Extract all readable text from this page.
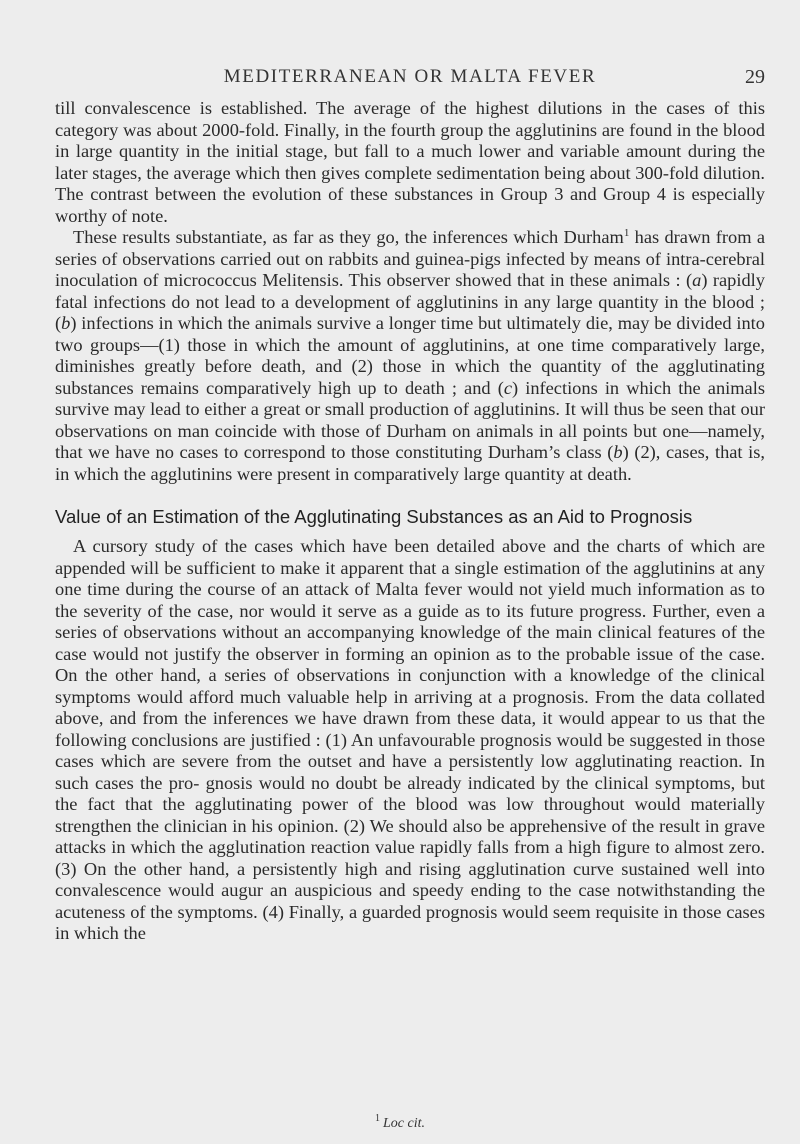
MEDITERRANEAN OR MALTA FEVER	29

till convalescence is established. The average of the highest dilutions in the cases of this category was about 2000-fold. Finally, in the fourth group the agglutinins are found in the blood in large quantity in the initial stage, but fall to a much lower and variable amount during the later stages, the average which then gives complete sedimentation being about 300-fold dilution. The contrast between the evolution of these substances in Group 3 and Group 4 is especially worthy of note.

These results substantiate, as far as they go, the inferences which Durham$^1$ has drawn from a series of observations carried out on rabbits and guinea-pigs infected by means of intra-cerebral inoculation of micrococcus Melitensis. This observer showed that in these animals : (a) rapidly fatal infections do not lead to a development of agglutinins in any large quantity in the blood ; (b) infections in which the animals survive a longer time but ultimately die, may be divided into two groups—(1) those in which the amount of agglutinins, at one time comparatively large, diminishes greatly before death, and (2) those in which the quantity of the agglutinating substances remains comparatively high up to death ; and (c) infections in which the animals survive may lead to either a great or small production of agglutinins. It will thus be seen that our observations on man coincide with those of Durham on animals in all points but one—namely, that we have no cases to correspond to those constituting Durham’s class (b) (2), cases, that is, in which the agglutinins were present in comparatively large quantity at death.

Value of an Estimation of the Agglutinating Substances as an Aid to Prognosis

A cursory study of the cases which have been detailed above and the charts of which are appended will be sufficient to make it apparent that a single estimation of the agglutinins at any one time during the course of an attack of Malta fever would not yield much information as to the severity of the case, nor would it serve as a guide as to its future progress. Further, even a series of observations without an accompanying knowledge of the main clinical features of the case would not justify the observer in forming an opinion as to the probable issue of the case. On the other hand, a series of observations in conjunction with a knowledge of the clinical symptoms would afford much valuable help in arriving at a prognosis. From the data collated above, and from the inferences we have drawn from these data, it would appear to us that the following conclusions are justified : (1) An unfavourable prognosis would be suggested in those cases which are severe from the outset and have a persistently low agglutinating reaction. In such cases the pro- gnosis would no doubt be already indicated by the clinical symptoms, but the fact that the agglutinating power of the blood was low throughout would materially strengthen the clinician in his opinion. (2) We should also be apprehensive of the result in grave attacks in which the agglutination reaction value rapidly falls from a high figure to almost zero. (3) On the other hand, a persistently high and rising agglutination curve sustained well into convalescence would augur an auspicious and speedy ending to the case notwithstanding the acuteness of the symptoms. (4) Finally, a guarded prognosis would seem requisite in those cases in which the

$^1$ Loc cit.
